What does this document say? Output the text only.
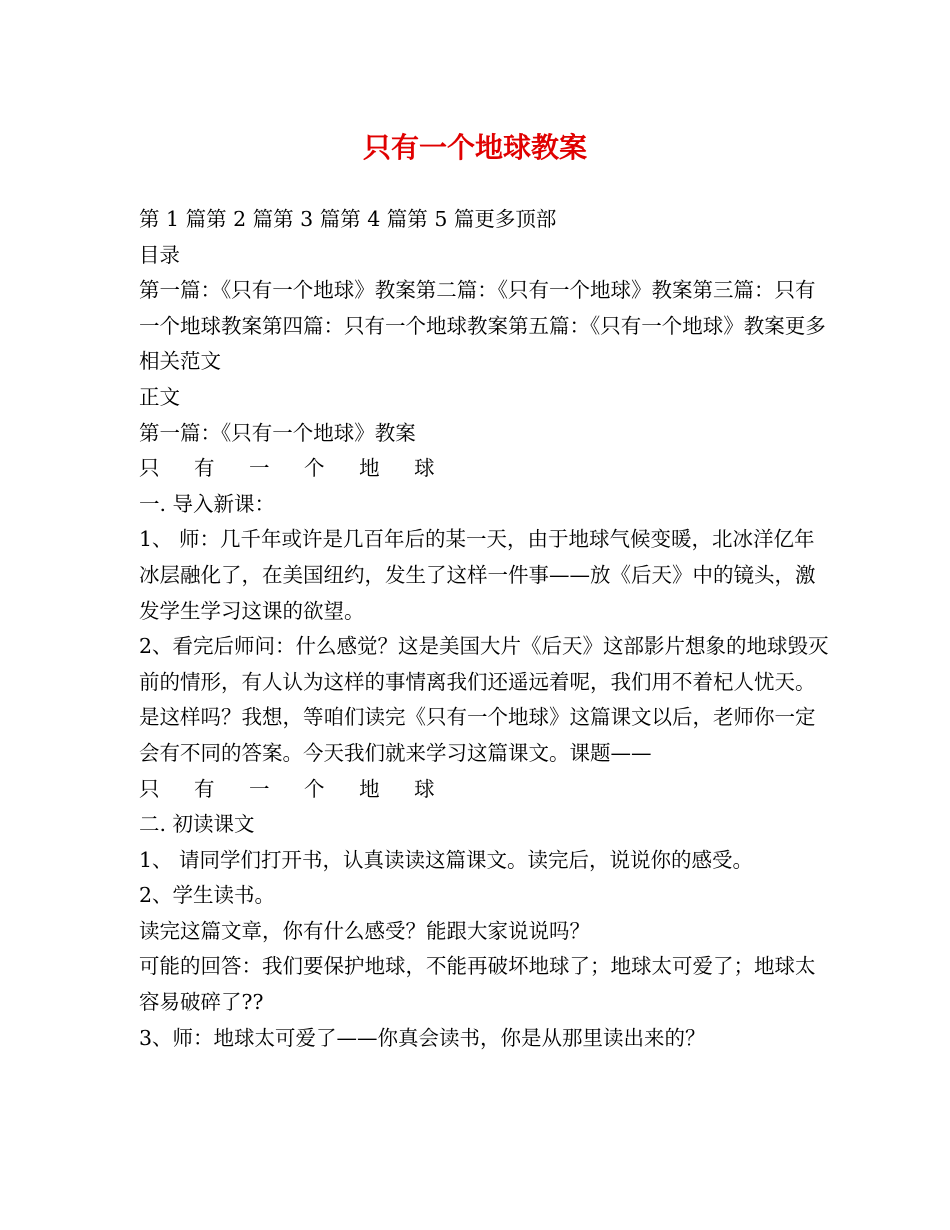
只有一个地球教案

第 1 篇第 2 篇第 3 篇第 4 篇第 5 篇更多顶部

目录

第一篇：《只有一个地球》教案第二篇：《只有一个地球》教案第三篇：只有一个地球教案第四篇：只有一个地球教案第五篇：《只有一个地球》教案更多相关范文

正文

第一篇：《只有一个地球》教案

只 有 一 个 地 球

一. 导入新课：

1、 师：几千年或许是几百年后的某一天，由于地球气候变暖，北冰洋亿年冰层融化了，在美国纽约，发生了这样一件事——放《后天》中的镜头，激发学生学习这课的欲望。

2、看完后师问：什么感觉？这是美国大片《后天》这部影片想象的地球毁灭前的情形，有人认为这样的事情离我们还遥远着呢，我们用不着杞人忧天。是这样吗？我想，等咱们读完《只有一个地球》这篇课文以后，老师你一定会有不同的答案。今天我们就来学习这篇课文。课题——

只 有 一 个 地 球

二. 初读课文

1、 请同学们打开书，认真读读这篇课文。读完后，说说你的感受。

2、学生读书。

读完这篇文章，你有什么感受？能跟大家说说吗？

可能的回答：我们要保护地球，不能再破坏地球了；地球太可爱了；地球太容易破碎了??

3、师：地球太可爱了——你真会读书，你是从那里读出来的？
